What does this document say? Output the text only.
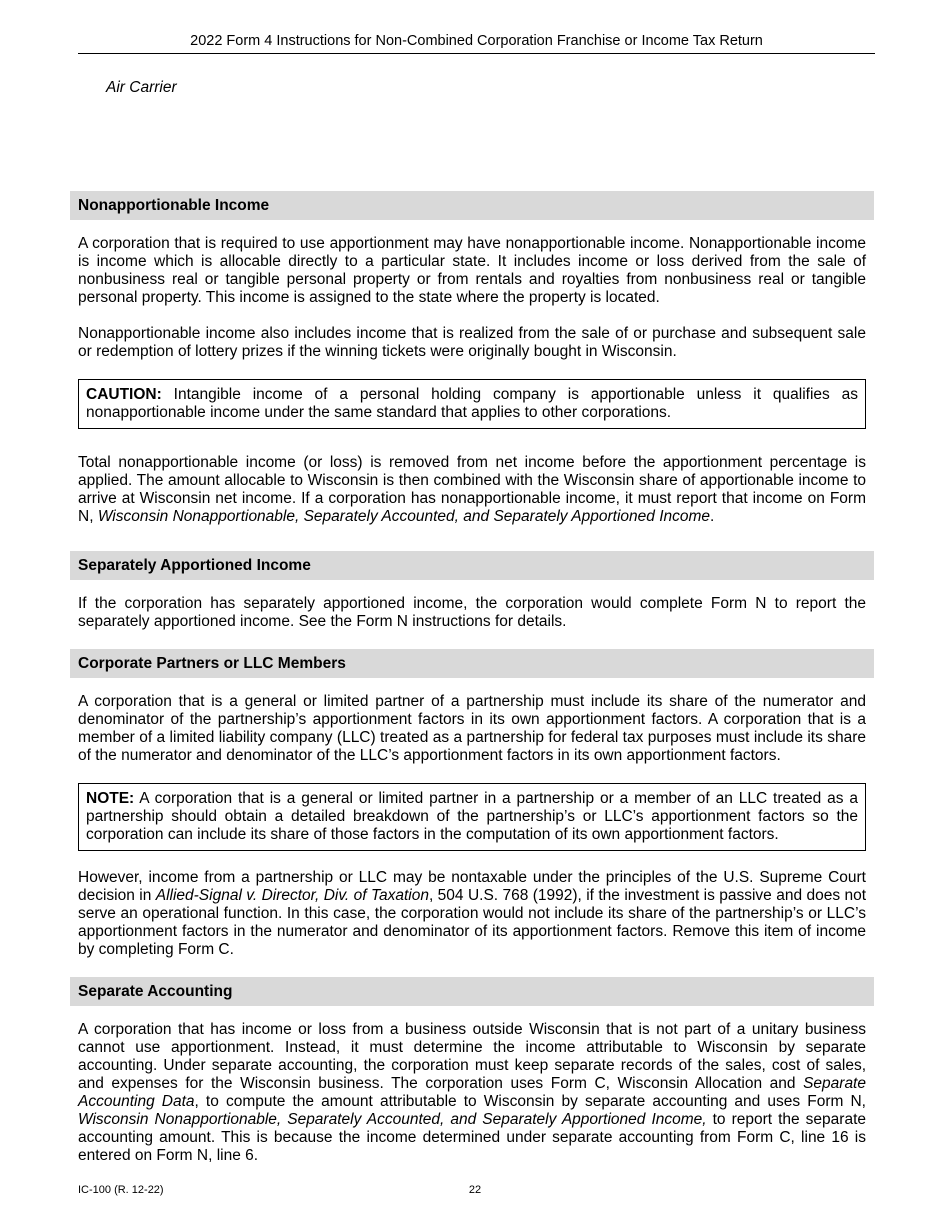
2022 Form 4 Instructions for Non-Combined Corporation Franchise or Income Tax Return
Air Carrier
Nonapportionable Income

A corporation that is required to use apportionment may have nonapportionable income. Nonapportionable income is income which is allocable directly to a particular state. It includes income or loss derived from the sale of nonbusiness real or tangible personal property or from rentals and royalties from nonbusiness real or tangible personal property. This income is assigned to the state where the property is located.

Nonapportionable income also includes income that is realized from the sale of or purchase and subsequent sale or redemption of lottery prizes if the winning tickets were originally bought in Wisconsin.

CAUTION: Intangible income of a personal holding company is apportionable unless it qualifies as nonapportionable income under the same standard that applies to other corporations.

Total nonapportionable income (or loss) is removed from net income before the apportionment percentage is applied. The amount allocable to Wisconsin is then combined with the Wisconsin share of apportionable income to arrive at Wisconsin net income. If a corporation has nonapportionable income, it must report that income on Form N, Wisconsin Nonapportionable, Separately Accounted, and Separately Apportioned Income.

Separately Apportioned Income

If the corporation has separately apportioned income, the corporation would complete Form N to report the separately apportioned income. See the Form N instructions for details.

Corporate Partners or LLC Members

A corporation that is a general or limited partner of a partnership must include its share of the numerator and denominator of the partnership’s apportionment factors in its own apportionment factors. A corporation that is a member of a limited liability company (LLC) treated as a partnership for federal tax purposes must include its share of the numerator and denominator of the LLC’s apportionment factors in its own apportionment factors.

NOTE: A corporation that is a general or limited partner in a partnership or a member of an LLC treated as a partnership should obtain a detailed breakdown of the partnership’s or LLC’s apportionment factors so the corporation can include its share of those factors in the computation of its own apportionment factors.

However, income from a partnership or LLC may be nontaxable under the principles of the U.S. Supreme Court decision in Allied-Signal v. Director, Div. of Taxation, 504 U.S. 768 (1992), if the investment is passive and does not serve an operational function. In this case, the corporation would not include its share of the partnership’s or LLC’s apportionment factors in the numerator and denominator of its apportionment factors. Remove this item of income by completing Form C.

Separate Accounting

A corporation that has income or loss from a business outside Wisconsin that is not part of a unitary business cannot use apportionment. Instead, it must determine the income attributable to Wisconsin by separate accounting. Under separate accounting, the corporation must keep separate records of the sales, cost of sales, and expenses for the Wisconsin business. The corporation uses Form C, Wisconsin Allocation and Separate Accounting Data, to compute the amount attributable to Wisconsin by separate accounting and uses Form N, Wisconsin Nonapportionable, Separately Accounted, and Separately Apportioned Income, to report the separate accounting amount. This is because the income determined under separate accounting from Form C, line 16 is entered on Form N, line 6.

IC-100 (R. 12-22)	22
